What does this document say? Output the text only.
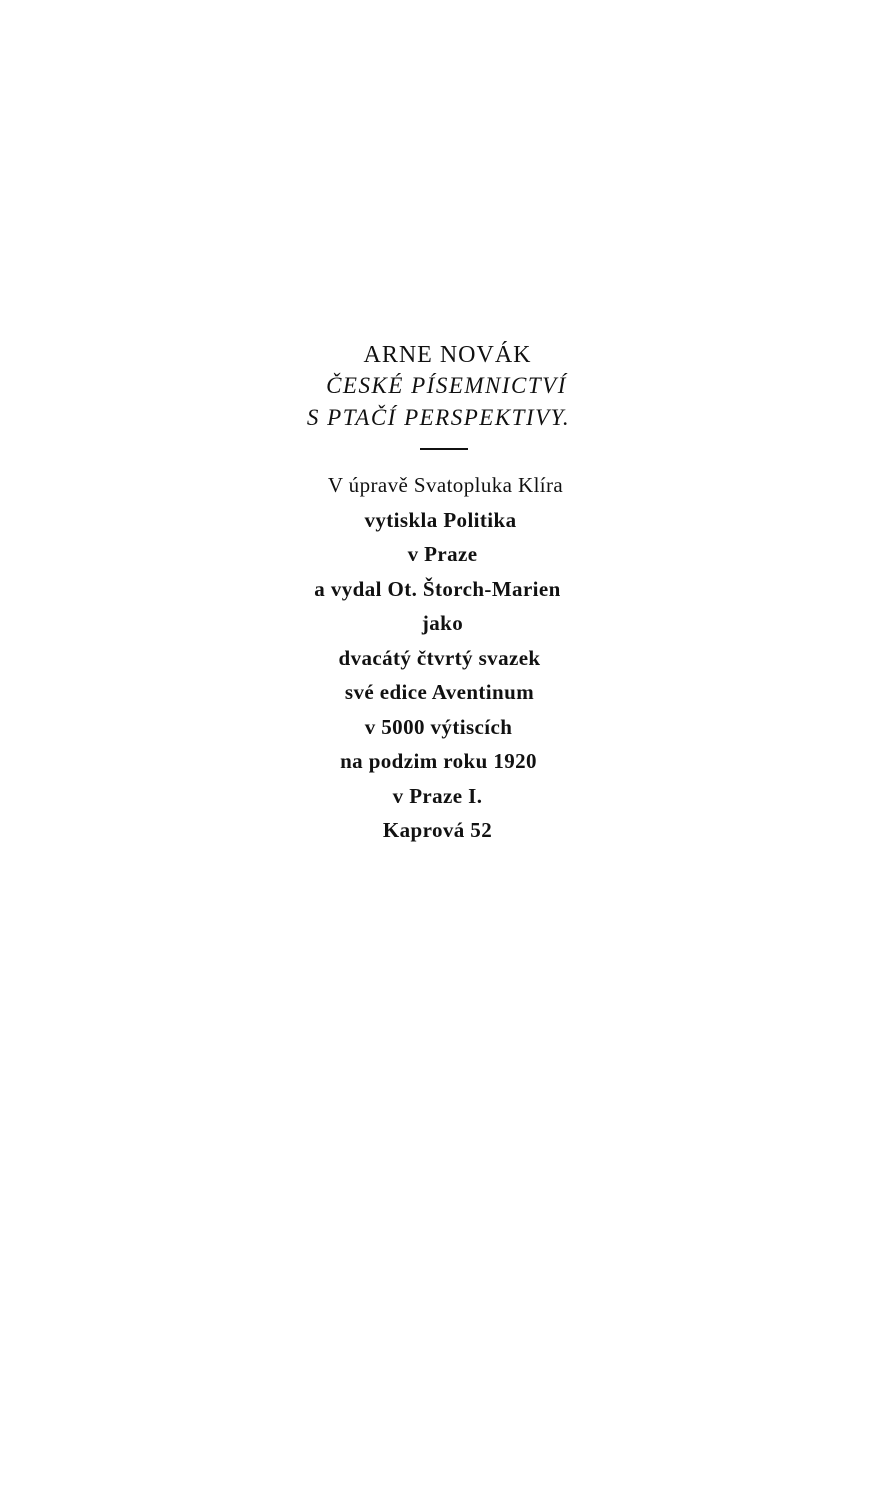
ARNE NOVÁK
ČESKÉ PÍSEMNICTVÍ
S PTAČÍ PERSPEKTIVY.
V úpravě Svatopluka Klíra
vytiskla Politika
v Praze
a vydal Ot. Štorch-Marien
jako
dvacátý čtvrtý svazek
své edice Aventinum
v 5000 výtiscích
na podzim roku 1920
v Praze I.
Kaprová 52
